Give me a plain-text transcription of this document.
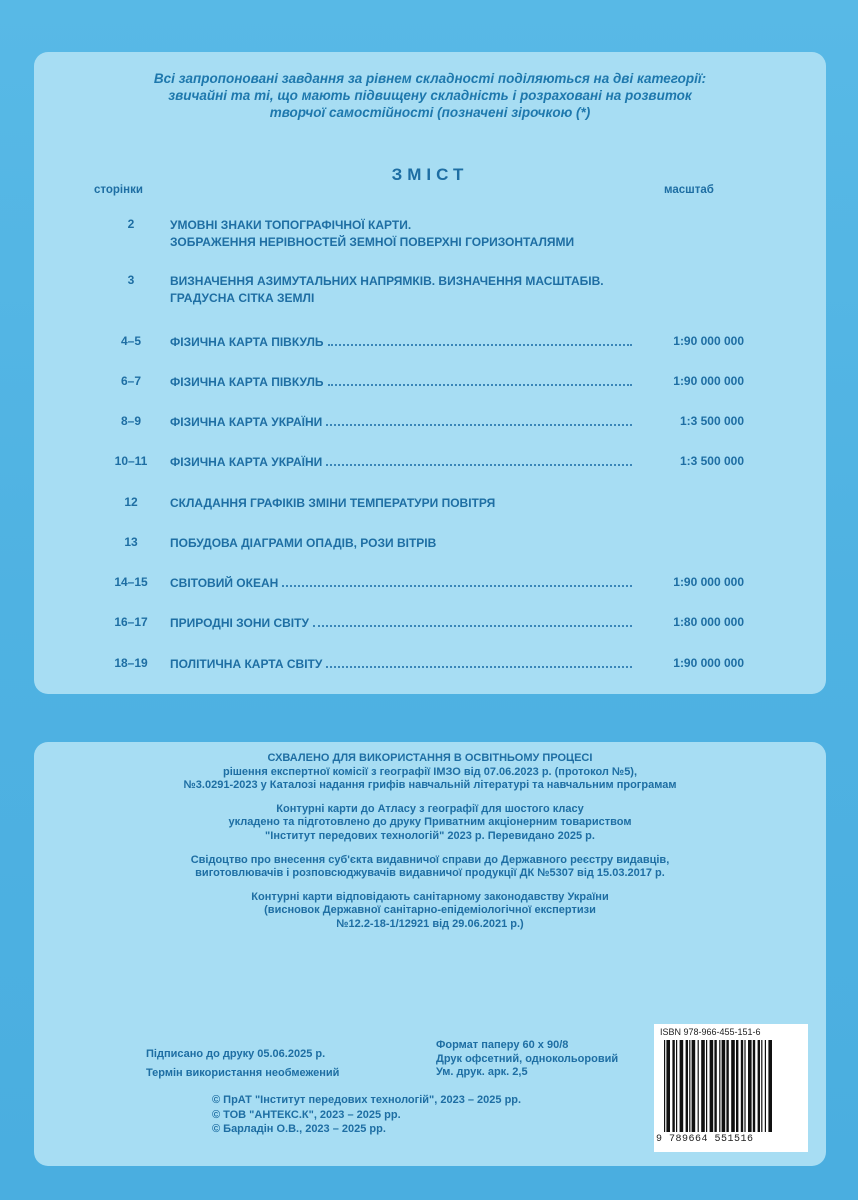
Всі запропоновані завдання за рівнем складності поділяються на дві категорії:
звичайні та ті, що мають підвищену складність і розраховані на розвиток
творчої самостійності (позначені зірочкою (*)
ЗМІСТ
сторінки	масштаб
2	УМОВНІ ЗНАКИ ТОПОГРАФІЧНОЇ КАРТИ.
ЗОБРАЖЕННЯ НЕРІВНОСТЕЙ ЗЕМНОЇ ПОВЕРХНІ ГОРИЗОНТАЛЯМИ
3	ВИЗНАЧЕННЯ АЗИМУТАЛЬНИХ НАПРЯМКІВ. ВИЗНАЧЕННЯ МАСШТАБІВ.
ГРАДУСНА СІТКА ЗЕМЛІ
4–5	ФІЗИЧНА КАРТА ПІВКУЛЬ	1:90 000 000
6–7	ФІЗИЧНА КАРТА ПІВКУЛЬ	1:90 000 000
8–9	ФІЗИЧНА КАРТА УКРАЇНИ	1:3 500 000
10–11	ФІЗИЧНА КАРТА УКРАЇНИ	1:3 500 000
12	СКЛАДАННЯ ГРАФІКІВ ЗМІНИ ТЕМПЕРАТУРИ ПОВІТРЯ
13	ПОБУДОВА ДІАГРАМИ ОПАДІВ, РОЗИ ВІТРІВ
14–15	СВІТОВИЙ ОКЕАН	1:90 000 000
16–17	ПРИРОДНІ ЗОНИ СВІТУ	1:80 000 000
18–19	ПОЛІТИЧНА КАРТА СВІТУ	1:90 000 000
СХВАЛЕНО ДЛЯ ВИКОРИСТАННЯ В ОСВІТНЬОМУ ПРОЦЕСІ
рішення експертної комісії з географії ІМЗО від 07.06.2023 р. (протокол №5),
№3.0291-2023 у Каталозі надання грифів навчальній літературі та навчальним програмам
Контурні карти до Атласу з географії для шостого класу
укладено та підготовлено до друку Приватним акціонерним товариством
"Інститут передових технологій" 2023 р. Перевидано 2025 р.
Свідоцтво про внесення суб'єкта видавничої справи до Державного реєстру видавців,
виготовлювачів і розповсюджувачів видавничої продукції ДК №5307 від 15.03.2017 р.
Контурні карти відповідають санітарному законодавству України
(висновок Державної санітарно-епідеміологічної експертизи
№12.2-18-1/12921 від 29.06.2021 р.)
Підписано до друку 05.06.2025 р.
Термін використання необмежений
Формат паперу 60 х 90/8
Друк офсетний, однокольоровий
Ум. друк. арк. 2,5
© ПрАТ "Інститут передових технологій", 2023 – 2025 рр.
© ТОВ "АНТЕКС.К", 2023 – 2025 рр.
© Барладін О.В., 2023 – 2025 рр.
ISBN 978-966-455-151-6
9 789664 551516
